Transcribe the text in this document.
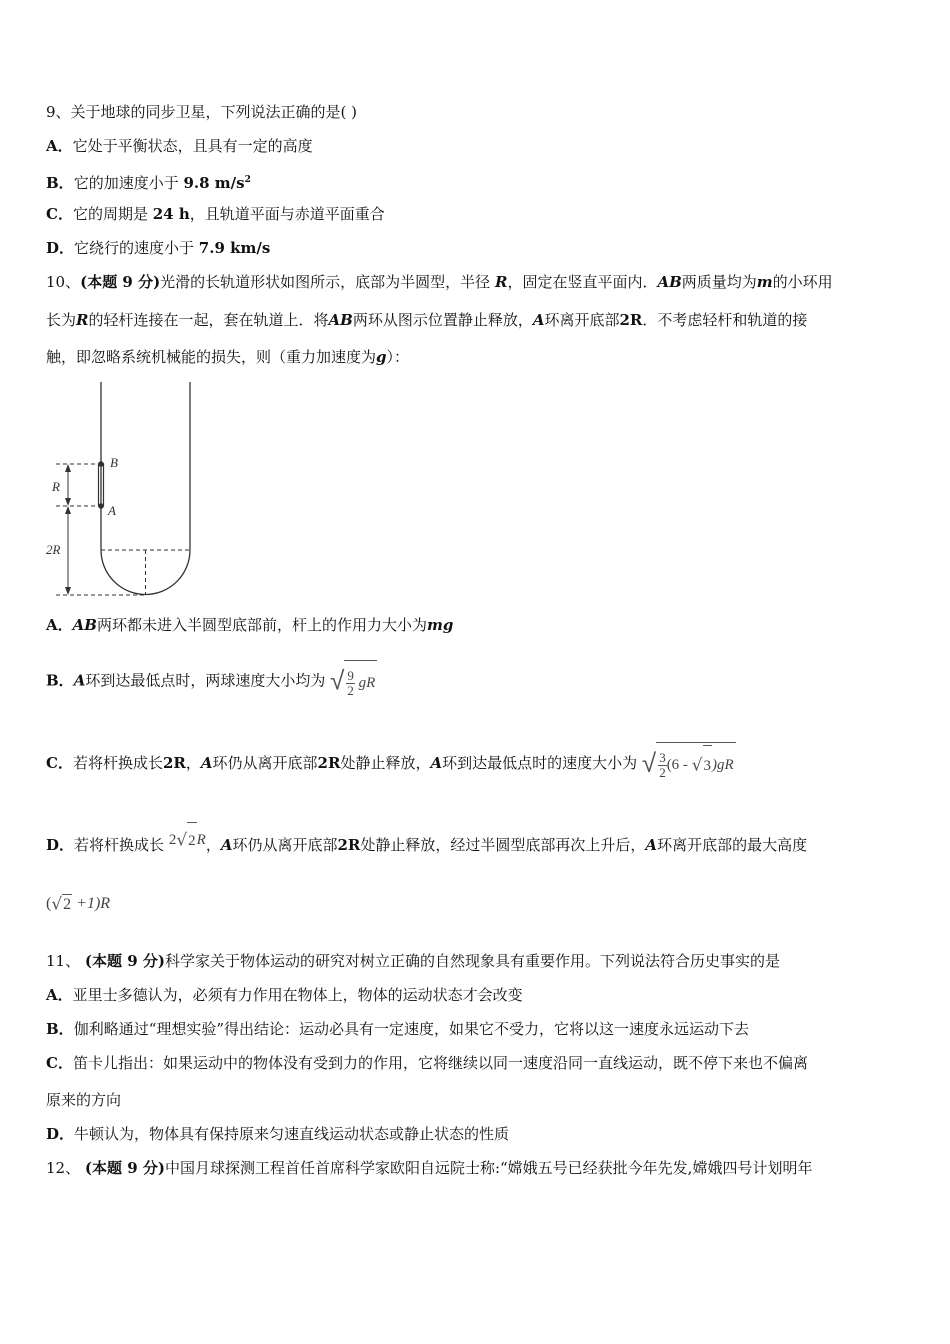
9、关于地球的同步卫星，下列说法正确的是( )
A．它处于平衡状态，且具有一定的高度
B．它的加速度小于 9.8 $m/s^2$
C．它的周期是 24 h，且轨道平面与赤道平面重合
D．它绕行的速度小于 7.9 km/s
10、(本题 9 分)光滑的长轨道形状如图所示，底部为半圆型，半径 R，固定在竖直平面内．AB两质量均为m的小环用
长为R的轻杆连接在一起，套在轨道上．将AB两环从图示位置静止释放，A环离开底部2R．不考虑轻杆和轨道的接
触，即忽略系统机械能的损失，则（重力加速度为g）：
B
A
R
2R
A．AB两环都未进入半圆型底部前，杆上的作用力大小为mg
B．A环到达最低点时，两球速度大小均为 √ $\frac{9}{2}$ gR
C．若将杆换成长2R，A环仍从离开底部2R处静止释放，A环到达最低点时的速度大小为 √ $\frac{3}{2} (6 - √3)gR$
D．若将杆换成长 2√2R，A环仍从离开底部2R处静止释放，经过半圆型底部再次上升后，A环离开底部的最大高度
(√2 +1)R
11、 (本题 9 分)科学家关于物体运动的研究对树立正确的自然现象具有重要作用。下列说法符合历史事实的是
A．亚里士多德认为，必须有力作用在物体上，物体的运动状态才会改变
B．伽利略通过“理想实验”得出结论：运动必具有一定速度，如果它不受力，它将以这一速度永远运动下去
C．笛卡儿指出：如果运动中的物体没有受到力的作用，它将继续以同一速度沿同一直线运动，既不停下来也不偏离
原来的方向
D．牛顿认为，物体具有保持原来匀速直线运动状态或静止状态的性质
12、 (本题 9 分)中国月球探测工程首任首席科学家欧阳自远院士称:“嫦娥五号已经获批今年先发,嫦娥四号计划明年
